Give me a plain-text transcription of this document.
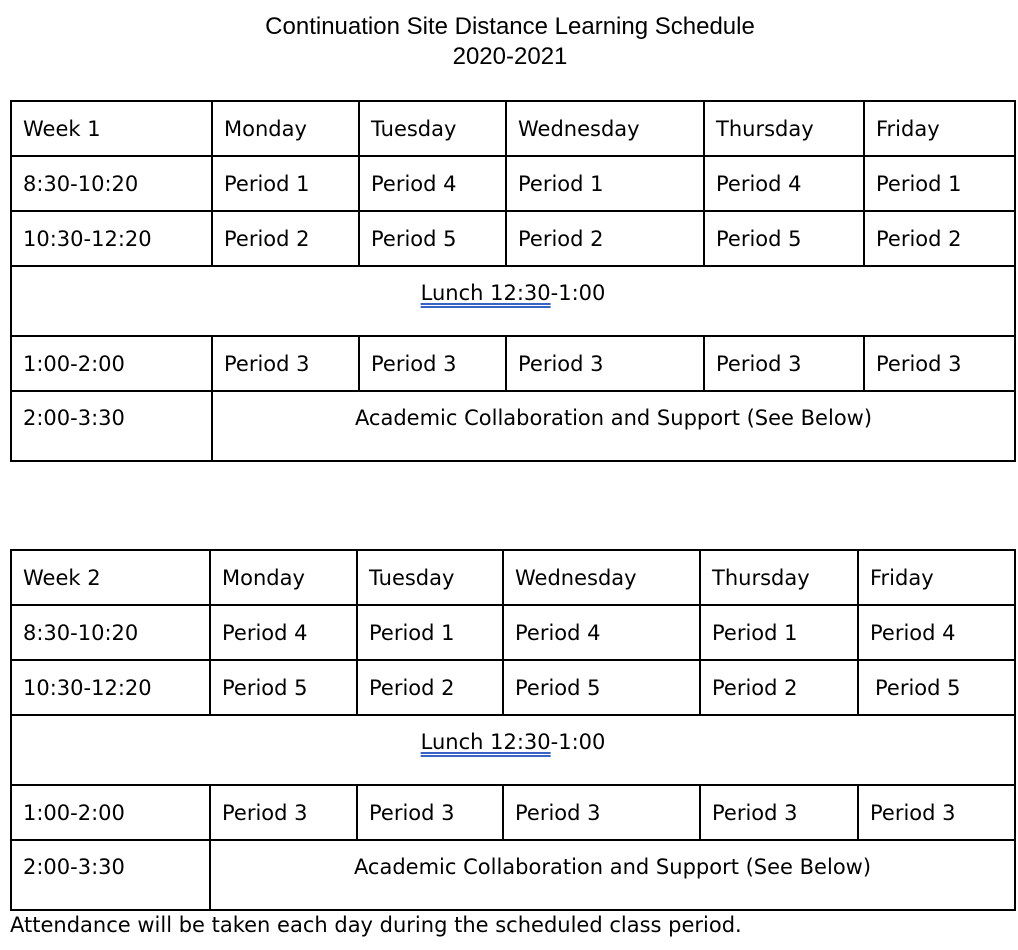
Continuation Site Distance Learning Schedule
2020-2021
Week 1	Monday	Tuesday	Wednesday	Thursday	Friday
8:30-10:20	Period 1	Period 4	Period 1	Period 4	Period 1
10:30-12:20	Period 2	Period 5	Period 2	Period 5	Period 2
Lunch 12:30-1:00					
1:00-2:00	Period 3	Period 3	Period 3	Period 3	Period 3
2:00-3:30	Academic Collaboration and Support (See Below)				
Week 2	Monday	Tuesday	Wednesday	Thursday	Friday
8:30-10:20	Period 4	Period 1	Period 4	Period 1	Period 4
10:30-12:20	Period 5	Period 2	Period 5	Period 2	Period 5
Lunch 12:30-1:00					
1:00-2:00	Period 3	Period 3	Period 3	Period 3	Period 3
2:00-3:30	Academic Collaboration and Support (See Below)				
Attendance will be taken each day during the scheduled class period.
